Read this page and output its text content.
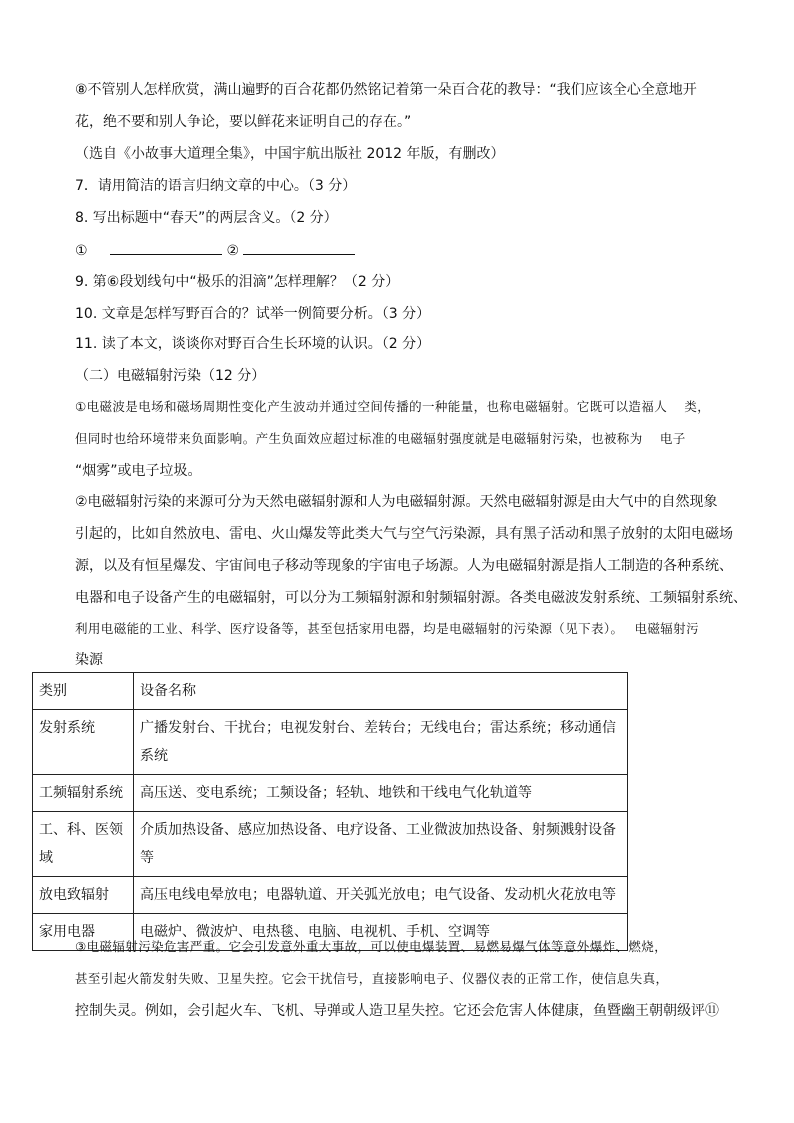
⑧不管别人怎样欣赏，满山遍野的百合花都仍然铭记着第一朵百合花的教导：“我们应该全心全意地开
花，绝不要和别人争论，要以鲜花来证明自己的存在。”
（选自《小故事大道理全集》，中国宇航出版社 2012 年版，有删改）
7．请用简洁的语言归纳文章的中心。（3 分）
8. 写出标题中“春天”的两层含义。（2 分）
①	②
9. 第⑥段划线句中“极乐的泪滴”怎样理解？（2 分）
10. 文章是怎样写野百合的？试举一例简要分析。（3 分）
11. 读了本文，谈谈你对野百合生长环境的认识。（2 分）
（二）电磁辐射污染（12 分）
①电磁波是电场和磁场周期性变化产生波动并通过空间传播的一种能量，也称电磁辐射。它既可以造福人　 类，
但同时也给环境带来负面影响。产生负面效应超过标准的电磁辐射强度就是电磁辐射污染，也被称为　 电子
“烟雾”或电子垃圾。
②电磁辐射污染的来源可分为天然电磁辐射源和人为电磁辐射源。天然电磁辐射源是由大气中的自然现象
引起的，比如自然放电、雷电、火山爆发等此类大气与空气污染源，具有黑子活动和黑子放射的太阳电磁场
源，以及有恒星爆发、宇宙间电子移动等现象的宇宙电子场源。人为电磁辐射源是指人工制造的各种系统、
电器和电子设备产生的电磁辐射，可以分为工频辐射源和射频辐射源。各类电磁波发射系统、工频辐射系统、
利用电磁能的工业、科学、医疗设备等，甚至包括家用电器，均是电磁辐射的污染源（见下表）。　 电磁辐射污
染源
类别	设备名称
发射系统	广播发射台、干扰台；电视发射台、差转台；无线电台；雷达系统；移动通信系统
工频辐射系统	高压送、变电系统；工频设备；轻轨、地铁和干线电气化轨道等
工、科、医领域	介质加热设备、感应加热设备、电疗设备、工业微波加热设备、射频溅射设备等
放电致辐射	高压电线电晕放电；电器轨道、开关弧光放电；电气设备、发动机火花放电等
家用电器	电磁炉、微波炉、电热毯、电脑、电视机、手机、空调等
③电磁辐射污染危害严重。它会引发意外重大事故，可以使电爆装置、易燃易爆气体等意外爆炸、燃烧，
甚至引起火箭发射失败、卫星失控。它会干扰信号，直接影响电子、仪器仪表的正常工作，使信息失真，
控制失灵。例如，会引起火车、飞机、导弹或人造卫星失控。它还会危害人体健康，鱼暨幽王朝朝级评⑪
